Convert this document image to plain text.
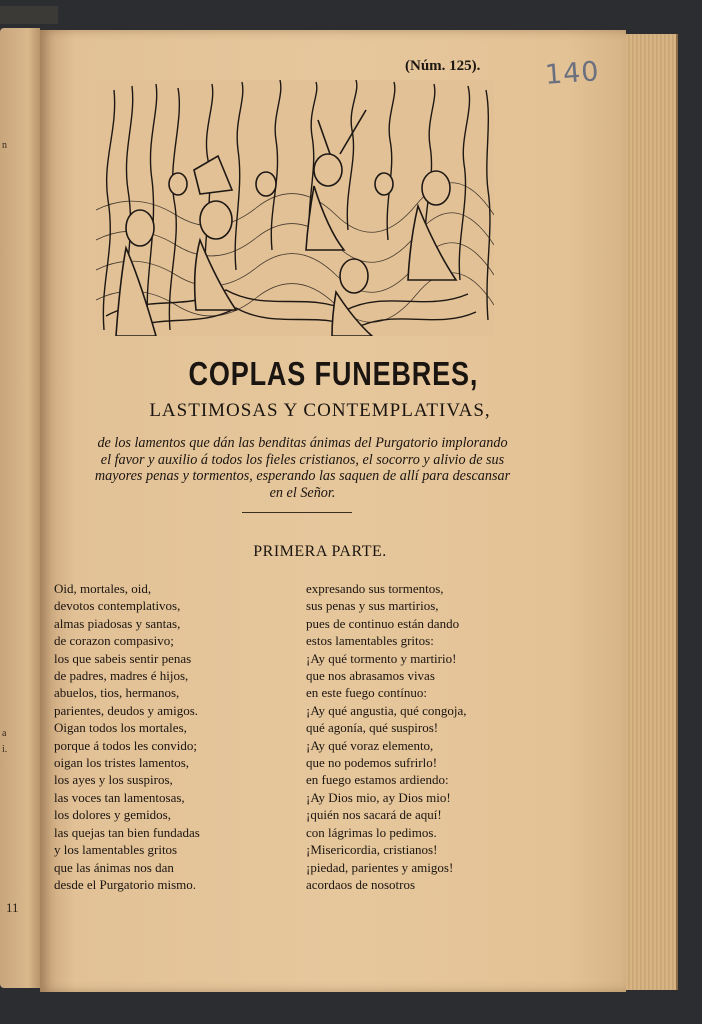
n
a
i.
11
(Núm. 125). 140
COPLAS FUNEBRES,
LASTIMOSAS Y CONTEMPLATIVAS,
de los lamentos que dán las benditas ánimas del Purgatorio implorando
el favor y auxilio á todos los fieles cristianos, el socorro y alivio de sus
mayores penas y tormentos, esperando las saquen de allí para descansar
en el Señor.
PRIMERA PARTE.
Oid, mortales, oid,
devotos contemplativos,
almas piadosas y santas,
de corazon compasivo;
los que sabeis sentir penas
de padres, madres é hijos,
abuelos, tios, hermanos,
parientes, deudos y amigos.
Oigan todos los mortales,
porque á todos les convido;
oigan los tristes lamentos,
los ayes y los suspiros,
las voces tan lamentosas,
los dolores y gemidos,
las quejas tan bien fundadas
y los lamentables gritos
que las ánimas nos dan
desde el Purgatorio mismo.
expresando sus tormentos,
sus penas y sus martirios,
pues de continuo están dando
estos lamentables gritos:
¡Ay qué tormento y martirio!
que nos abrasamos vivas
en este fuego contínuo:
¡Ay qué angustia, qué congoja,
qué agonía, qué suspiros!
¡Ay qué voraz elemento,
que no podemos sufrirlo!
en fuego estamos ardiendo:
¡Ay Dios mio, ay Dios mio!
¡quién nos sacará de aquí!
con lágrimas lo pedimos.
¡Misericordia, cristianos!
¡piedad, parientes y amigos!
acordaos de nosotros
